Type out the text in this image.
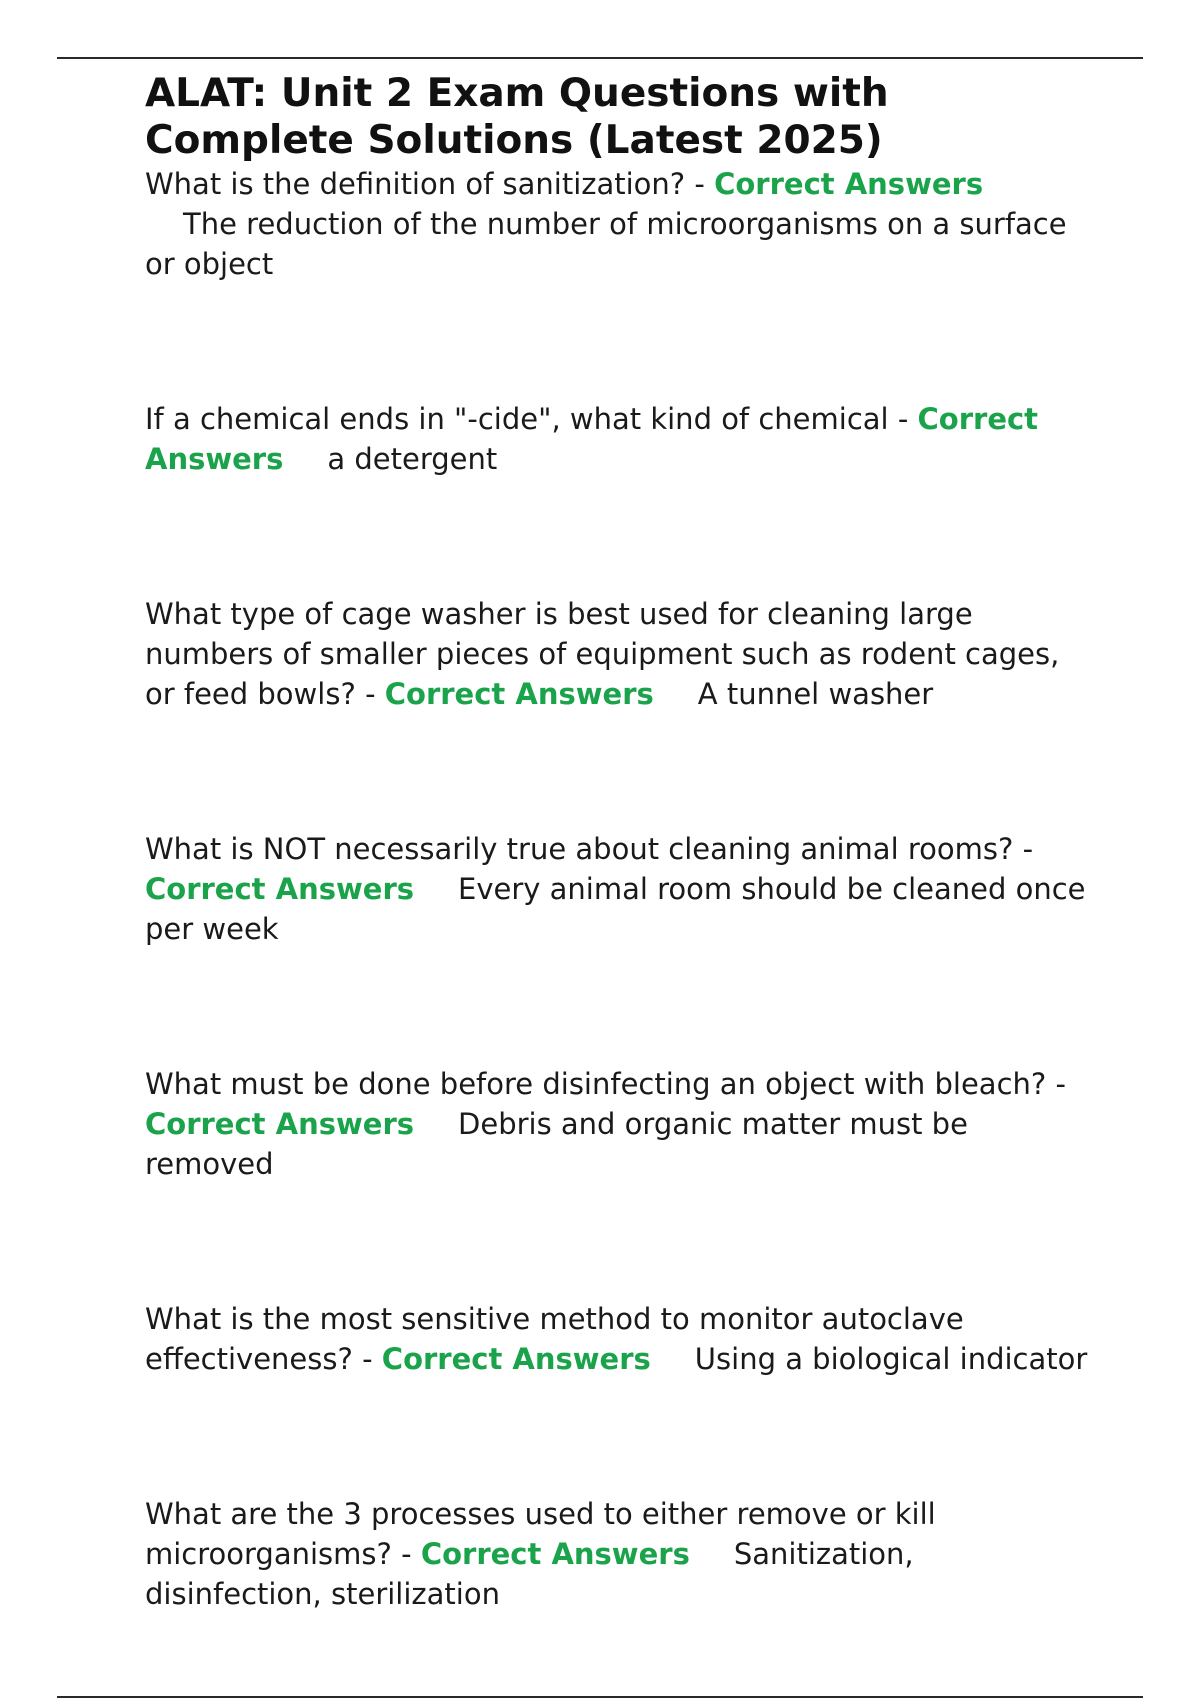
ALAT: Unit 2 Exam Questions with Complete Solutions (Latest 2025)

What is the definition of sanitization? - Correct Answers
The reduction of the number of microorganisms on a surface or object

If a chemical ends in "-cide", what kind of chemical - Correct Answers a detergent

What type of cage washer is best used for cleaning large numbers of smaller pieces of equipment such as rodent cages, or feed bowls? - Correct Answers A tunnel washer

What is NOT necessarily true about cleaning animal rooms? - Correct Answers Every animal room should be cleaned once per week

What must be done before disinfecting an object with bleach? - Correct Answers Debris and organic matter must be removed

What is the most sensitive method to monitor autoclave effectiveness? - Correct Answers Using a biological indicator

What are the 3 processes used to either remove or kill microorganisms? - Correct Answers Sanitization, disinfection, sterilization
